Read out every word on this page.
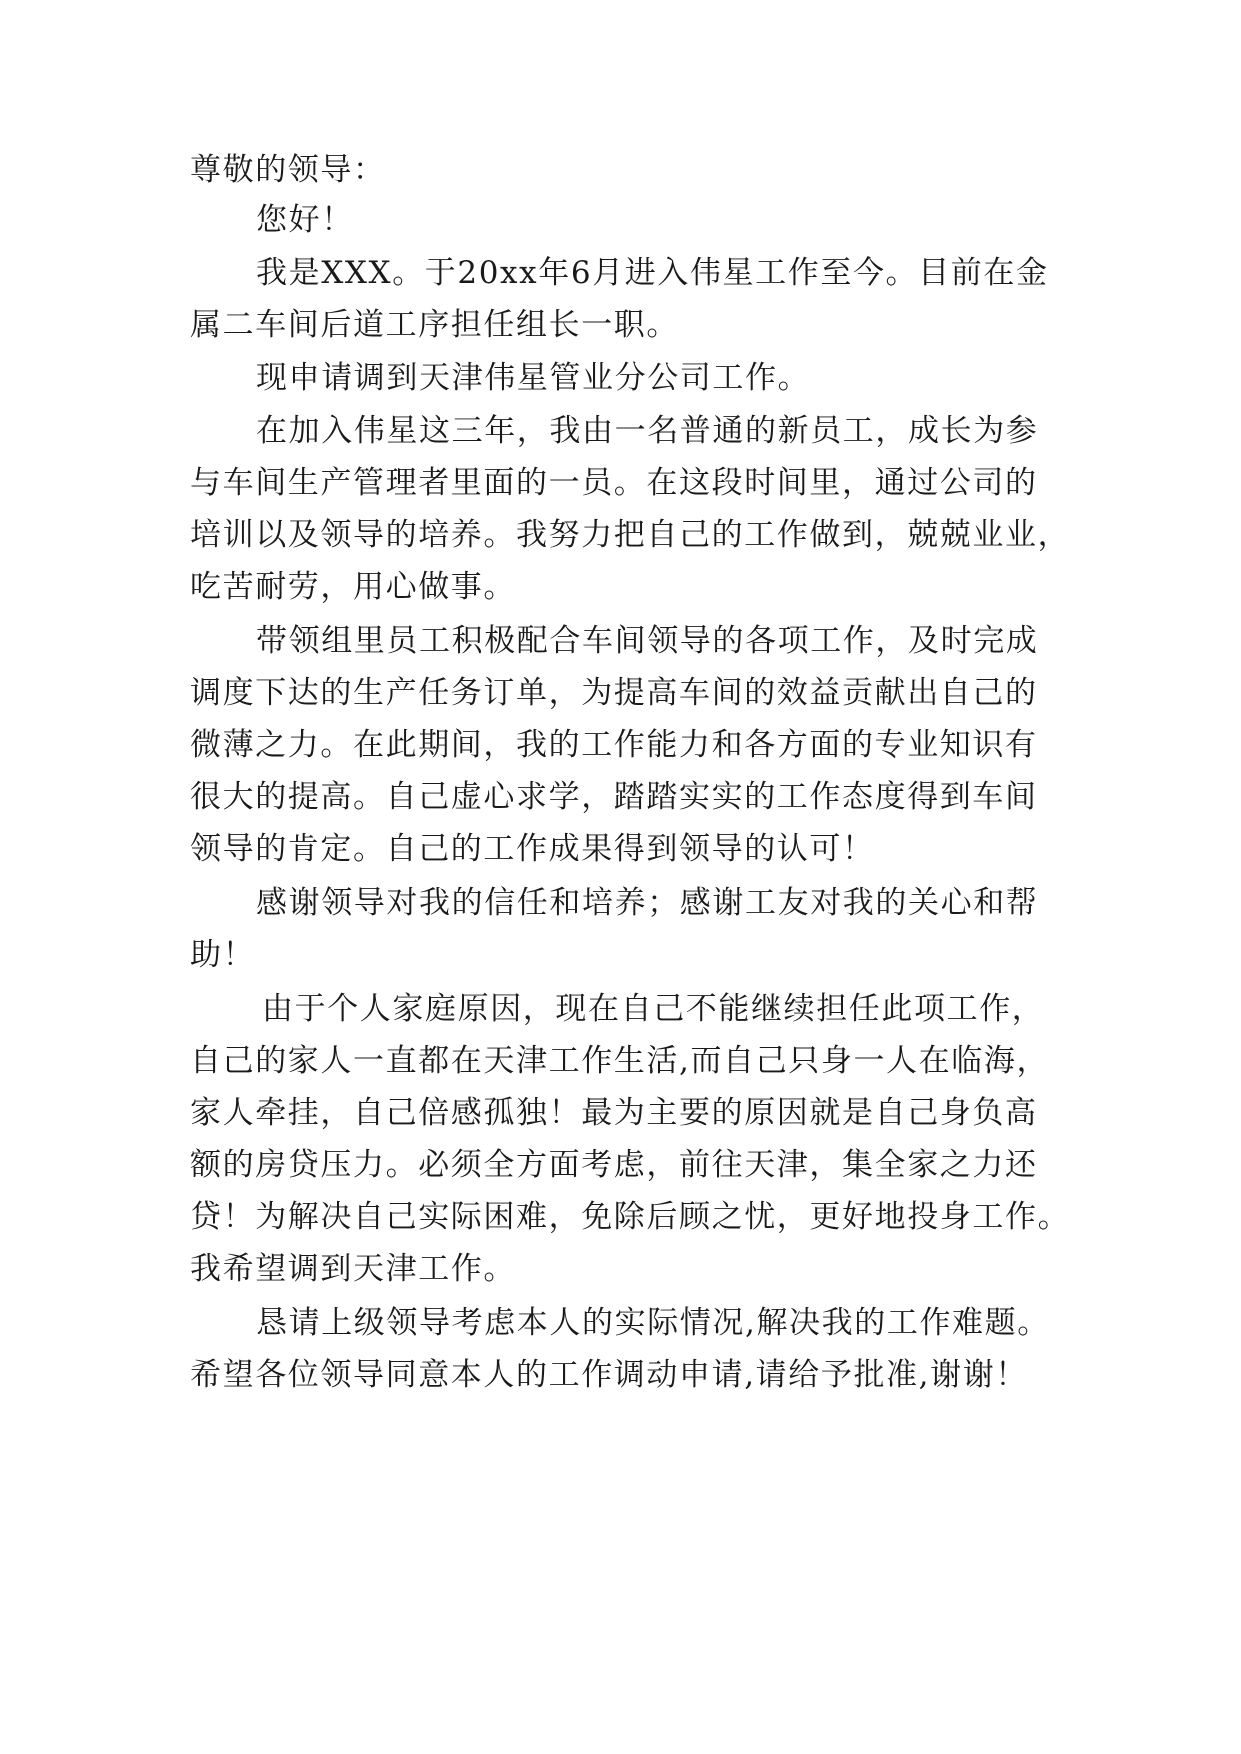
尊敬的领导：

您好！

我是XXX。于20xx年6月进入伟星工作至今。目前在金

属二车间后道工序担任组长一职。

现申请调到天津伟星管业分公司工作。

在加入伟星这三年，我由一名普通的新员工，成长为参

与车间生产管理者里面的一员。在这段时间里，通过公司的

培训以及领导的培养。我努力把自己的工作做到，兢兢业业，

吃苦耐劳，用心做事。

带领组里员工积极配合车间领导的各项工作，及时完成

调度下达的生产任务订单，为提高车间的效益贡献出自己的

微薄之力。在此期间，我的工作能力和各方面的专业知识有

很大的提高。自己虚心求学，踏踏实实的工作态度得到车间

领导的肯定。自己的工作成果得到领导的认可！

感谢领导对我的信任和培养；感谢工友对我的关心和帮

助！

由于个人家庭原因，现在自己不能继续担任此项工作，

自己的家人一直都在天津工作生活,而自己只身一人在临海，

家人牵挂，自己倍感孤独！最为主要的原因就是自己身负高

额的房贷压力。必须全方面考虑，前往天津，集全家之力还

贷！为解决自己实际困难，免除后顾之忧，更好地投身工作。

我希望调到天津工作。

恳请上级领导考虑本人的实际情况,解决我的工作难题。

希望各位领导同意本人的工作调动申请,请给予批准,谢谢！
